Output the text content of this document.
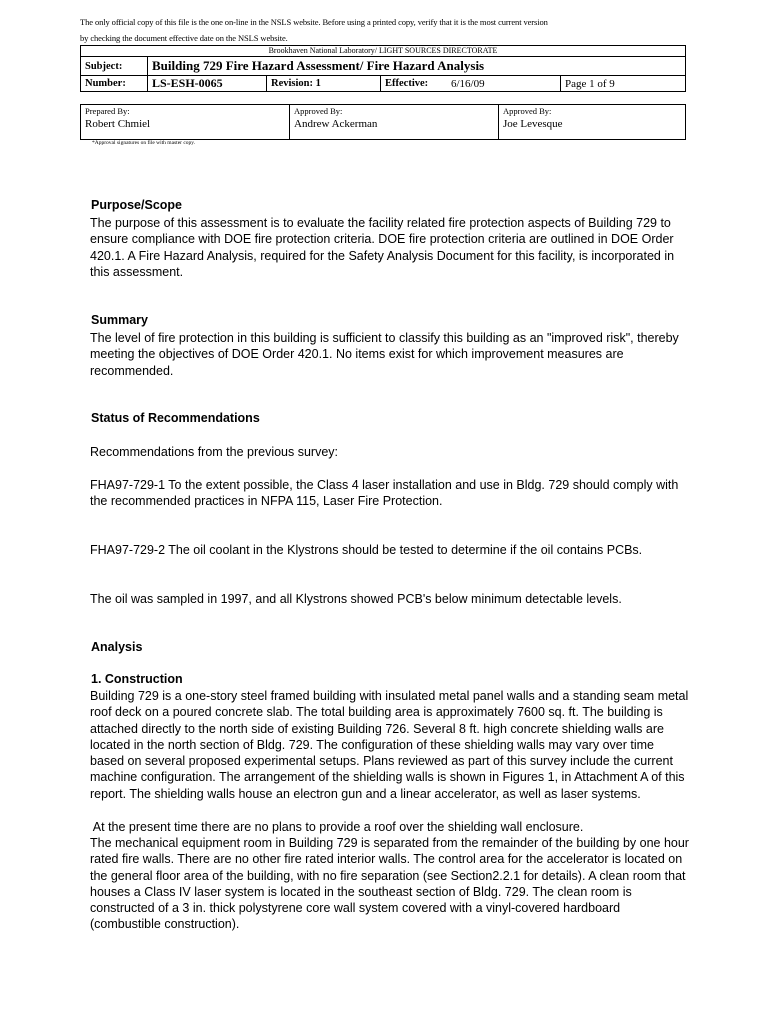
The only official copy of this file is the one on-line in the NSLS website. Before using a printed copy, verify that it is the most current version
by checking the document effective date on the NSLS website.
Brookhaven National Laboratory/ LIGHT SOURCES DIRECTORATE					
Subject:	Building 729 Fire Hazard Assessment/ Fire Hazard Analysis				
Number:	LS-ESH-0065	Revision: 1	Effective:	6/16/09	Page 1 of 9
Prepared By:
Robert Chmiel

Approved By:
Andrew Ackerman

Approved By:
Joe Levesque
*Approval signatures on file with master copy.
Purpose/Scope

The purpose of this assessment is to evaluate the facility related fire protection aspects of Building 729 to ensure compliance with DOE fire protection criteria. DOE fire protection criteria are outlined in DOE Order 420.1. A Fire Hazard Analysis, required for the Safety Analysis Document for this facility, is incorporated in this assessment.

Summary

The level of fire protection in this building is sufficient to classify this building as an "improved risk", thereby meeting the objectives of DOE Order 420.1. No items exist for which improvement measures are recommended.

Status of Recommendations

Recommendations from the previous survey:

FHA97-729-1 To the extent possible, the Class 4 laser installation and use in Bldg. 729 should comply with the recommended practices in NFPA 115, Laser Fire Protection.

FHA97-729-2 The oil coolant in the Klystrons should be tested to determine if the oil contains PCBs.

The oil was sampled in 1997, and all Klystrons showed PCB's below minimum detectable levels.

Analysis
1. Construction

Building 729 is a one-story steel framed building with insulated metal panel walls and a standing seam metal roof deck on a poured concrete slab. The total building area is approximately 7600 sq. ft. The building is attached directly to the north side of existing Building 726. Several 8 ft. high concrete shielding walls are located in the north section of Bldg. 729. The configuration of these shielding walls may vary over time based on several proposed experimental setups. Plans reviewed as part of this survey include the current machine configuration. The arrangement of the shielding walls is shown in Figures 1, in Attachment A of this report. The shielding walls house an electron gun and a linear accelerator, as well as laser systems.

At the present time there are no plans to provide a roof over the shielding wall enclosure.

The mechanical equipment room in Building 729 is separated from the remainder of the building by one hour rated fire walls. There are no other fire rated interior walls. The control area for the accelerator is located on the general floor area of the building, with no fire separation (see Section2.2.1 for details). A clean room that houses a Class IV laser system is located in the southeast section of Bldg. 729. The clean room is constructed of a 3 in. thick polystyrene core wall system covered with a vinyl-covered hardboard (combustible construction).
